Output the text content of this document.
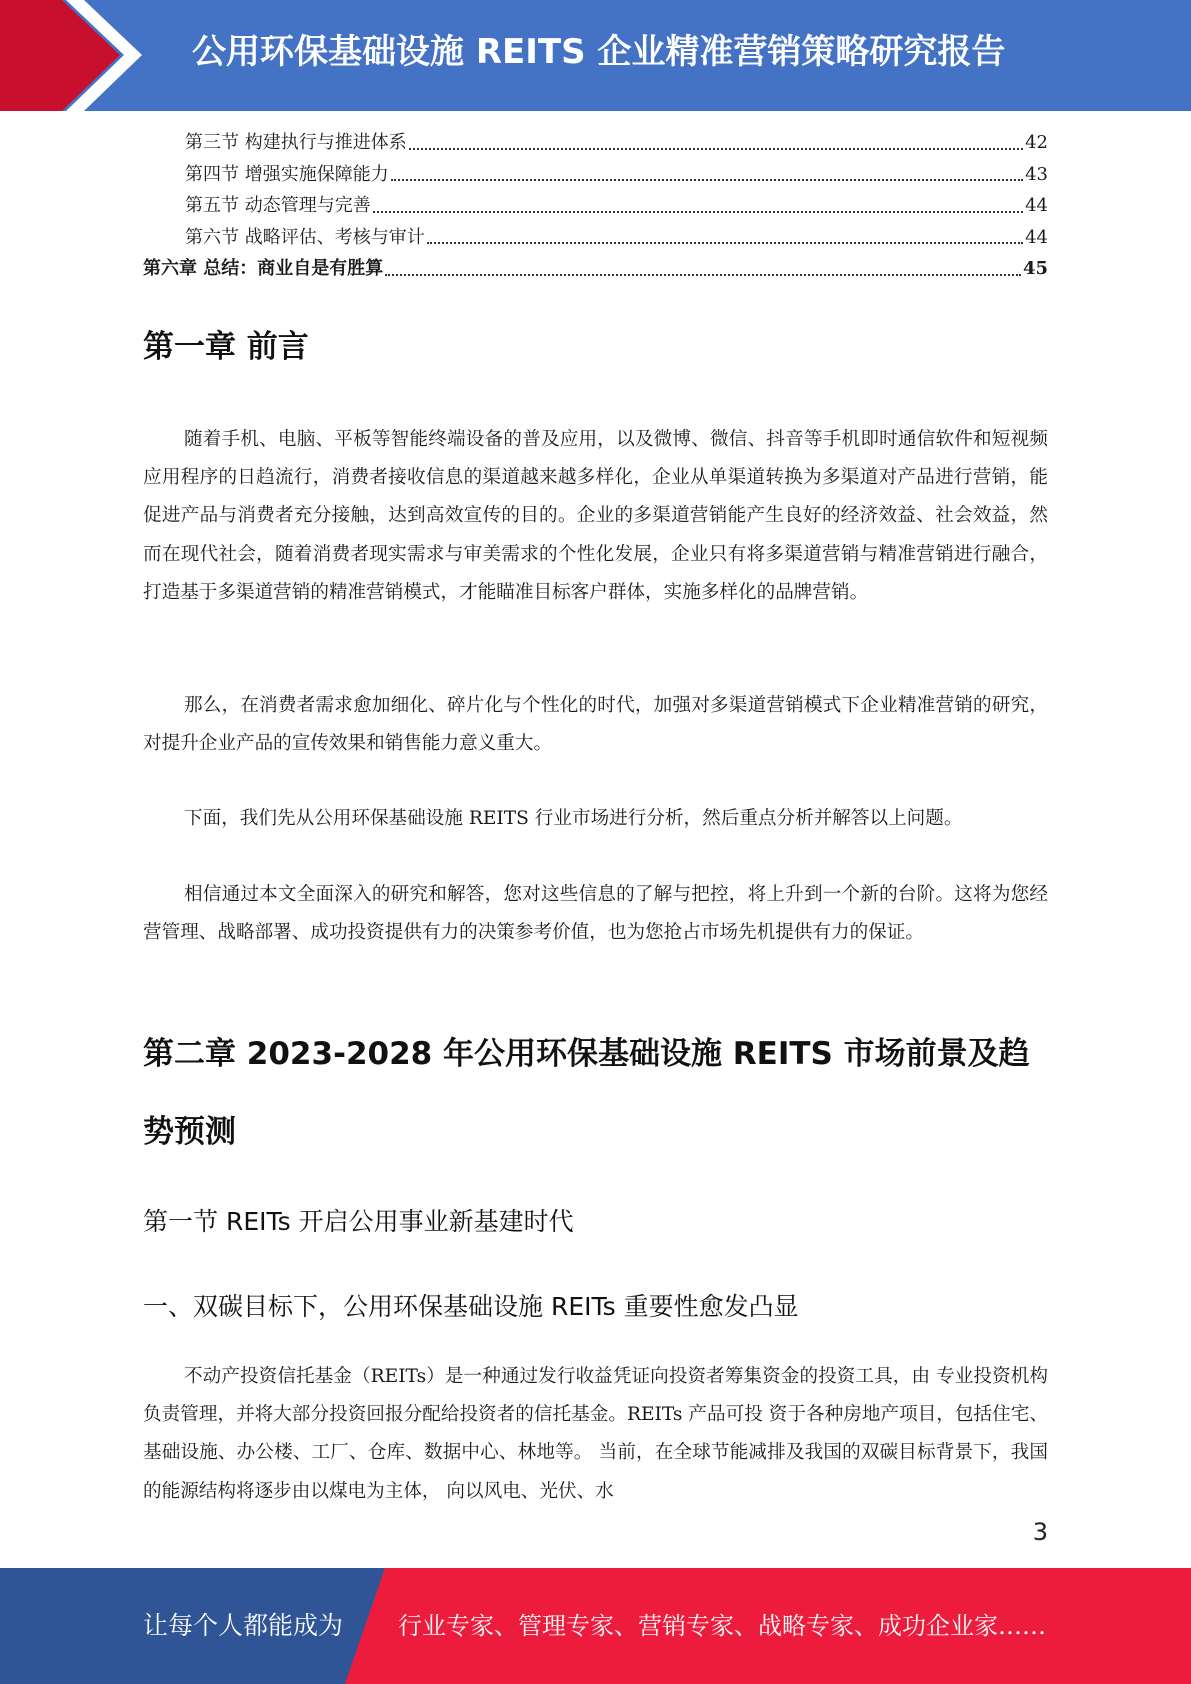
公用环保基础设施 REITS 企业精准营销策略研究报告
第三节 构建执行与推进体系	42
第四节 增强实施保障能力	43
第五节 动态管理与完善	44
第六节 战略评估、考核与审计	44
第六章 总结：商业自是有胜算	45
第一章 前言

随着手机、电脑、平板等智能终端设备的普及应用，以及微博、微信、抖音等手机即时通信软件和短视频应用程序的日趋流行，消费者接收信息的渠道越来越多样化，企业从单渠道转换为多渠道对产品进行营销，能促进产品与消费者充分接触，达到高效宣传的目的。企业的多渠道营销能产生良好的经济效益、社会效益，然而在现代社会，随着消费者现实需求与审美需求的个性化发展，企业只有将多渠道营销与精准营销进行融合，打造基于多渠道营销的精准营销模式，才能瞄准目标客户群体，实施多样化的品牌营销。

那么，在消费者需求愈加细化、碎片化与个性化的时代，加强对多渠道营销模式下企业精准营销的研究，对提升企业产品的宣传效果和销售能力意义重大。

下面，我们先从公用环保基础设施 REITS 行业市场进行分析，然后重点分析并解答以上问题。

相信通过本文全面深入的研究和解答，您对这些信息的了解与把控，将上升到一个新的台阶。这将为您经营管理、战略部署、成功投资提供有力的决策参考价值，也为您抢占市场先机提供有力的保证。

第二章 2023-2028 年公用环保基础设施 REITS 市场前景及趋势预测
第一节 REITs 开启公用事业新基建时代
一、双碳目标下，公用环保基础设施 REITs 重要性愈发凸显

不动产投资信托基金（REITs）是一种通过发行收益凭证向投资者筹集资金的投资工具，由 专业投资机构负责管理，并将大部分投资回报分配给投资者的信托基金。REITs 产品可投 资于各种房地产项目，包括住宅、基础设施、办公楼、工厂、仓库、数据中心、林地等。 当前，在全球节能减排及我国的双碳目标背景下，我国的能源结构将逐步由以煤电为主体， 向以风电、光伏、水

3
让每个人都能成为 行业专家、管理专家、营销专家、战略专家、成功企业家……
